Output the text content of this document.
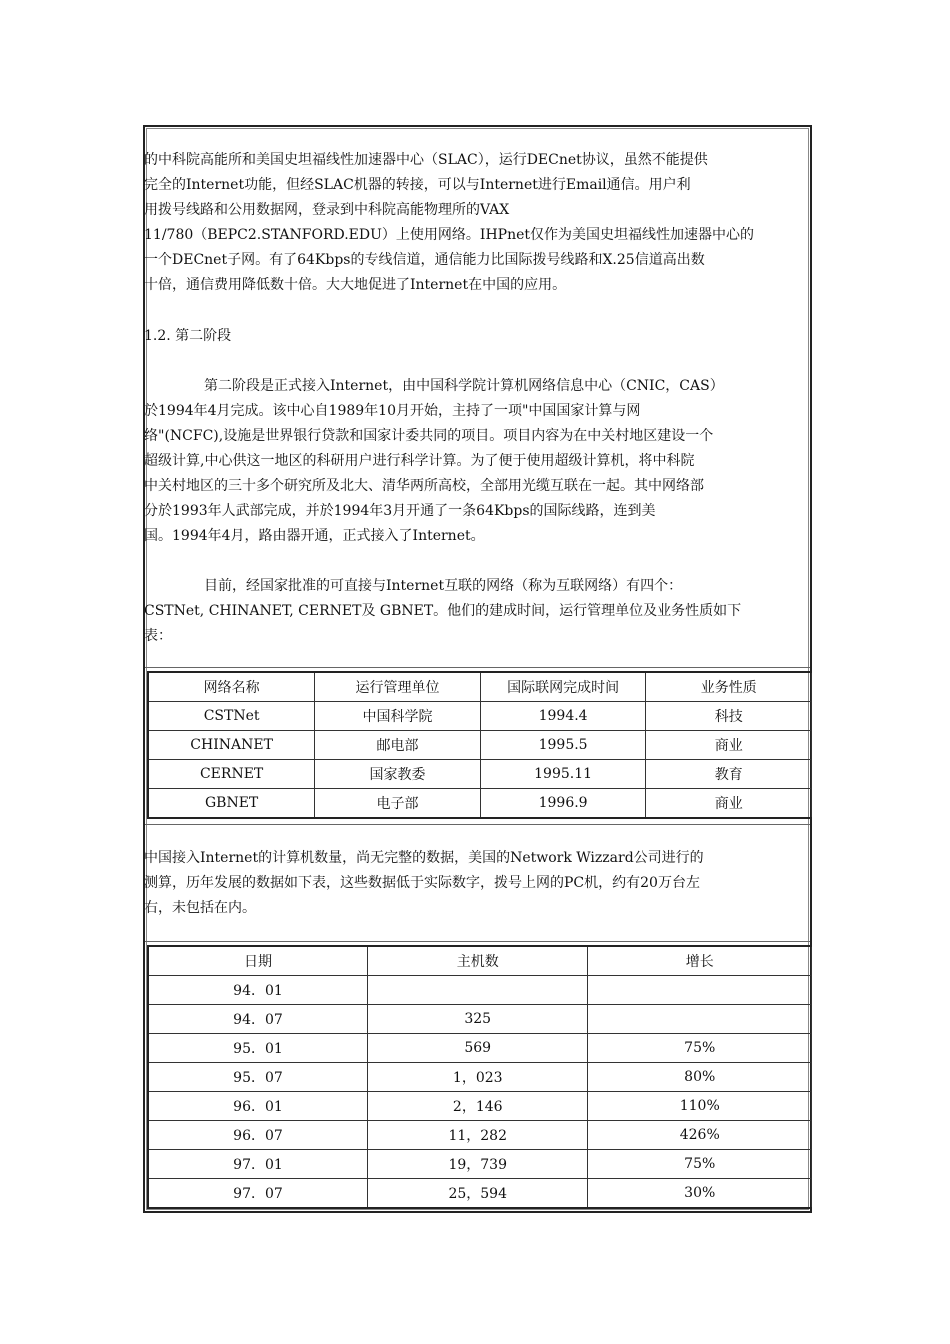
的中科院高能所和美国史坦福线性加速器中心（SLAC），运行DECnet协议，虽然不能提供
完全的Internet功能，但经SLAC机器的转接，可以与Internet进行Email通信。用户利
用拨号线路和公用数据网，登录到中科院高能物理所的VAX
11/780（BEPC2.STANFORD.EDU）上使用网络。IHPnet仅作为美国史坦福线性加速器中心的
一个DECnet子网。有了64Kbps的专线信道，通信能力比国际拨号线路和X.25信道高出数
十倍，通信费用降低数十倍。大大地促进了Internet在中国的应用。
1.2. 第二阶段
第二阶段是正式接入Internet，由中国科学院计算机网络信息中心（CNIC，CAS）
於1994年4月完成。该中心自1989年10月开始，主持了一项"中国国家计算与网
络"(NCFC),设施是世界银行贷款和国家计委共同的项目。项目内容为在中关村地区建设一个
超级计算,中心供这一地区的科研用户进行科学计算。为了便于使用超级计算机，将中科院
中关村地区的三十多个研究所及北大、清华两所高校，全部用光缆互联在一起。其中网络部
分於1993年人武部完成，并於1994年3月开通了一条64Kbps的国际线路，连到美
国。1994年4月，路由器开通，正式接入了Internet。
目前，经国家批准的可直接与Internet互联的网络（称为互联网络）有四个：
CSTNet, CHINANET, CERNET及 GBNET。他们的建成时间，运行管理单位及业务性质如下
表：
网络名称	运行管理单位	国际联网完成时间	业务性质
CSTNet	中国科学院	1994.4	科技
CHINANET	邮电部	1995.5	商业
CERNET	国家教委	1995.11	教育
GBNET	电子部	1996.9	商业
中国接入Internet的计算机数量，尚无完整的数据，美国的Network Wizzard公司进行的
测算，历年发展的数据如下表，这些数据低于实际数字，拨号上网的PC机，约有20万台左
右，未包括在内。
日期	主机数	增长
94．01		
94．07	325	
95．01	569	75%
95．07	1，023	80%
96．01	2，146	110%
96．07	11，282	426%
97．01	19，739	75%
97．07	25，594	30%
